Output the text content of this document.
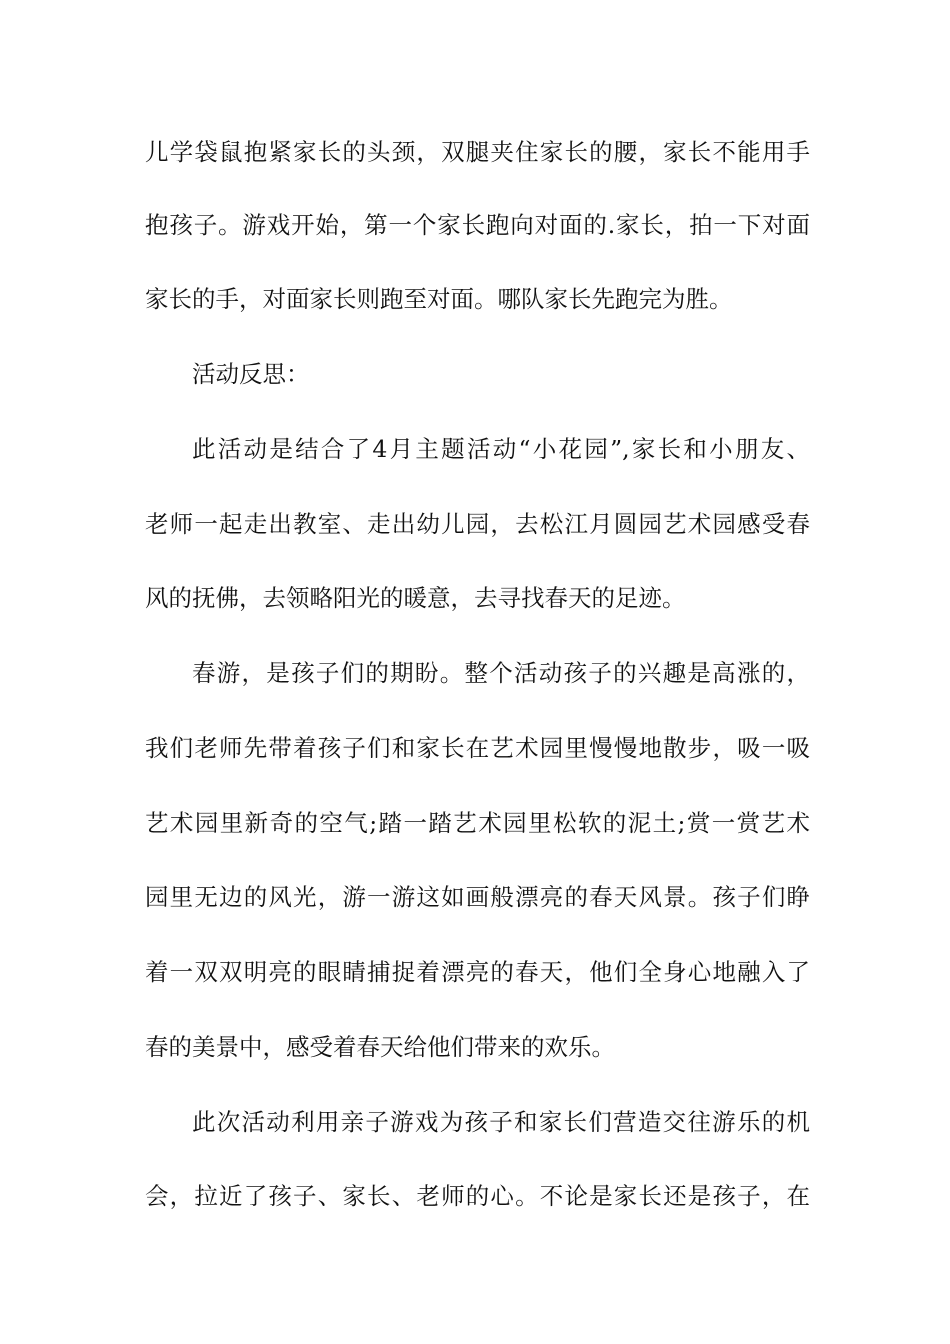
儿学袋鼠抱紧家长的头颈，双腿夹住家长的腰，家长不能用手
抱孩子。游戏开始，第一个家长跑向对面的.家长，拍一下对面
家长的手，对面家长则跑至对面。哪队家长先跑完为胜。
活动反思：
此活动是结合了4月主题活动“小花园”,家长和小朋友、
老师一起走出教室、走出幼儿园，去松江月圆园艺术园感受春
风的抚佛，去领略阳光的暖意，去寻找春天的足迹。
春游，是孩子们的期盼。整个活动孩子的兴趣是高涨的，
我们老师先带着孩子们和家长在艺术园里慢慢地散步，吸一吸
艺术园里新奇的空气;踏一踏艺术园里松软的泥土;赏一赏艺术
园里无边的风光，游一游这如画般漂亮的春天风景。孩子们睁
着一双双明亮的眼睛捕捉着漂亮的春天，他们全身心地融入了
春的美景中，感受着春天给他们带来的欢乐。
此次活动利用亲子游戏为孩子和家长们营造交往游乐的机
会，拉近了孩子、家长、老师的心。不论是家长还是孩子，在
